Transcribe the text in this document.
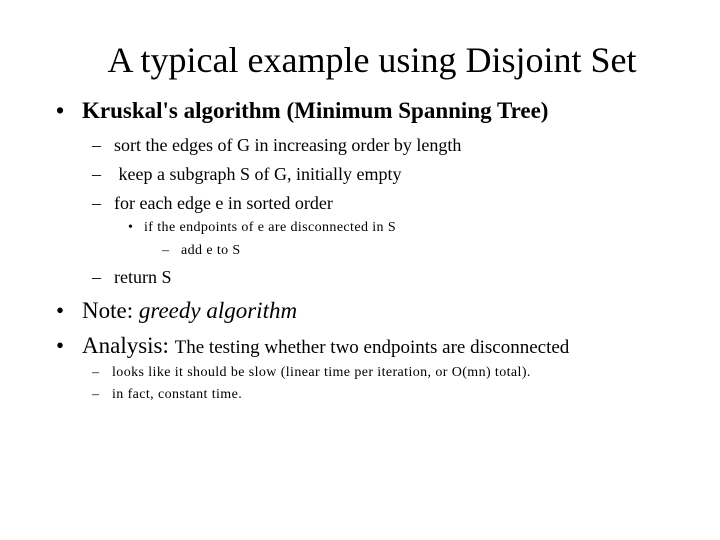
A typical example using Disjoint Set
• Kruskal's algorithm (Minimum Spanning Tree)
– sort the edges of G in increasing order by length
– keep a subgraph S of G, initially empty
– for each edge e in sorted order
• if the endpoints of e are disconnected in S
– add e to S
– return S
• Note: greedy algorithm
• Analysis: The testing whether two endpoints are disconnected
– looks like it should be slow (linear time per iteration, or O(mn) total).
– in fact, constant time.
